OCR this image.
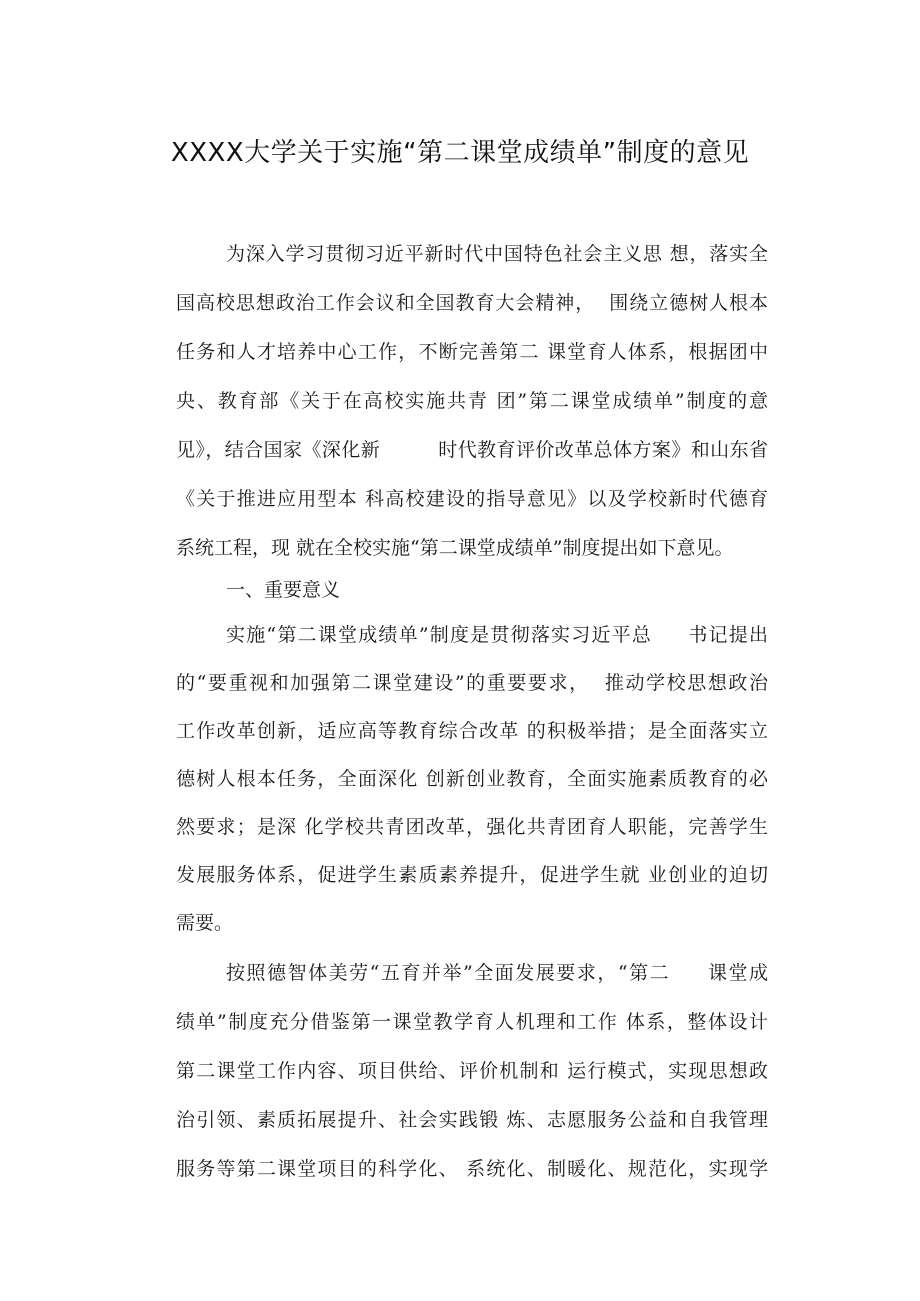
XXXX大学关于实施“第二课堂成绩单”制度的意见
为深入学习贯彻习近平新时代中国特色社会主义思 想，落实全
国高校思想政治工作会议和全国教育大会精神，  围绕立德树人根本
任务和人才培养中心工作，不断完善第二 课堂育人体系，根据团中
央、教育部《关于在高校实施共青 团”第二课堂成绩单”制度的意
见》，结合国家《深化新         时代教育评价改革总体方案》和山东省
《关于推进应用型本 科高校建设的指导意见》以及学校新时代德育
系统工程，现 就在全校实施“第二课堂成绩单”制度提出如下意见。
一、重要意义
实施“第二课堂成绩单”制度是贯彻落实习近平总     书记提出
的“要重视和加强第二课堂建设”的重要要求，  推动学校思想政治
工作改革创新，适应高等教育综合改革 的积极举措；是全面落实立
德树人根本任务，全面深化 创新创业教育，全面实施素质教育的必
然要求；是深 化学校共青团改革，强化共青团育人职能，完善学生
发展服务体系，促进学生素质素养提升，促进学生就 业创业的迫切
需要。
按照德智体美劳“五育并举”全面发展要求，“第二     课堂成
绩单”制度充分借鉴第一课堂教学育人机理和工作 体系，整体设计
第二课堂工作内容、项目供给、评价机制和 运行模式，实现思想政
治引领、素质拓展提升、社会实践锻 炼、志愿服务公益和自我管理
服务等第二课堂项目的科学化、 系统化、制暖化、规范化，实现学
